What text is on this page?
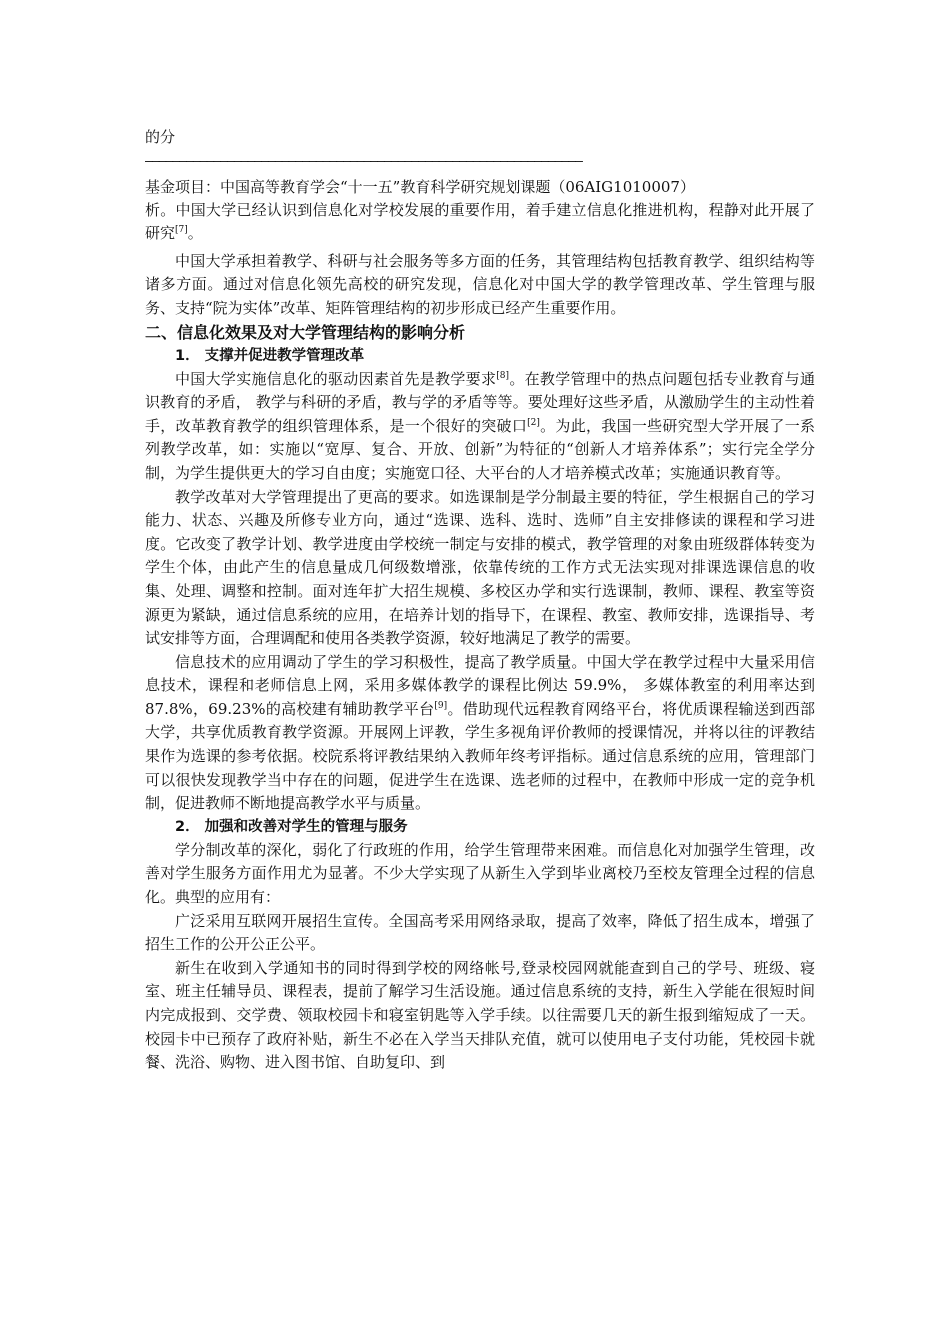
的分

————————————————————————————————————————————————————————————————

基金项目：中国高等教育学会“十一五”教育科学研究规划课题（06AIG1010007）

析。中国大学已经认识到信息化对学校发展的重要作用，着手建立信息化推进机构，程静对此开展了研究[7]。

中国大学承担着教学、科研与社会服务等多方面的任务，其管理结构包括教育教学、组织结构等诸多方面。通过对信息化领先高校的研究发现，信息化对中国大学的教学管理改革、学生管理与服务、支持“院为实体”改革、矩阵管理结构的初步形成已经产生重要作用。

二、信息化效果及对大学管理结构的影响分析
1． 支撑并促进教学管理改革

中国大学实施信息化的驱动因素首先是教学要求[8]。在教学管理中的热点问题包括专业教育与通识教育的矛盾， 教学与科研的矛盾，教与学的矛盾等等。要处理好这些矛盾，从激励学生的主动性着手，改革教育教学的组织管理体系，是一个很好的突破口[2]。为此，我国一些研究型大学开展了一系列教学改革，如：实施以“宽厚、复合、开放、创新”为特征的“创新人才培养体系”；实行完全学分制，为学生提供更大的学习自由度；实施宽口径、大平台的人才培养模式改革；实施通识教育等。

教学改革对大学管理提出了更高的要求。如选课制是学分制最主要的特征，学生根据自己的学习能力、状态、兴趣及所修专业方向，通过“选课、选科、选时、选师”自主安排修读的课程和学习进度。它改变了教学计划、教学进度由学校统一制定与安排的模式，教学管理的对象由班级群体转变为学生个体，由此产生的信息量成几何级数增涨，依靠传统的工作方式无法实现对排课选课信息的收集、处理、调整和控制。面对连年扩大招生规模、多校区办学和实行选课制，教师、课程、教室等资源更为紧缺，通过信息系统的应用，在培养计划的指导下，在课程、教室、教师安排，选课指导、考试安排等方面，合理调配和使用各类教学资源，较好地满足了教学的需要。

信息技术的应用调动了学生的学习积极性，提高了教学质量。中国大学在教学过程中大量采用信息技术，课程和老师信息上网，采用多媒体教学的课程比例达 59.9%， 多媒体教室的利用率达到 87.8%，69.23%的高校建有辅助教学平台[9]。借助现代远程教育网络平台，将优质课程输送到西部大学，共享优质教育教学资源。开展网上评教，学生多视角评价教师的授课情况，并将以往的评教结果作为选课的参考依据。校院系将评教结果纳入教师年终考评指标。通过信息系统的应用，管理部门可以很快发现教学当中存在的问题，促进学生在选课、选老师的过程中，在教师中形成一定的竞争机制，促进教师不断地提高教学水平与质量。

2． 加强和改善对学生的管理与服务

学分制改革的深化，弱化了行政班的作用，给学生管理带来困难。而信息化对加强学生管理，改善对学生服务方面作用尤为显著。不少大学实现了从新生入学到毕业离校乃至校友管理全过程的信息化。典型的应用有：

广泛采用互联网开展招生宣传。全国高考采用网络录取，提高了效率，降低了招生成本，增强了招生工作的公开公正公平。

新生在收到入学通知书的同时得到学校的网络帐号,登录校园网就能查到自己的学号、班级、寝室、班主任辅导员、课程表，提前了解学习生活设施。通过信息系统的支持，新生入学能在很短时间内完成报到、交学费、领取校园卡和寝室钥匙等入学手续。以往需要几天的新生报到缩短成了一天。校园卡中已预存了政府补贴，新生不必在入学当天排队充值，就可以使用电子支付功能，凭校园卡就餐、洗浴、购物、进入图书馆、自助复印、到
